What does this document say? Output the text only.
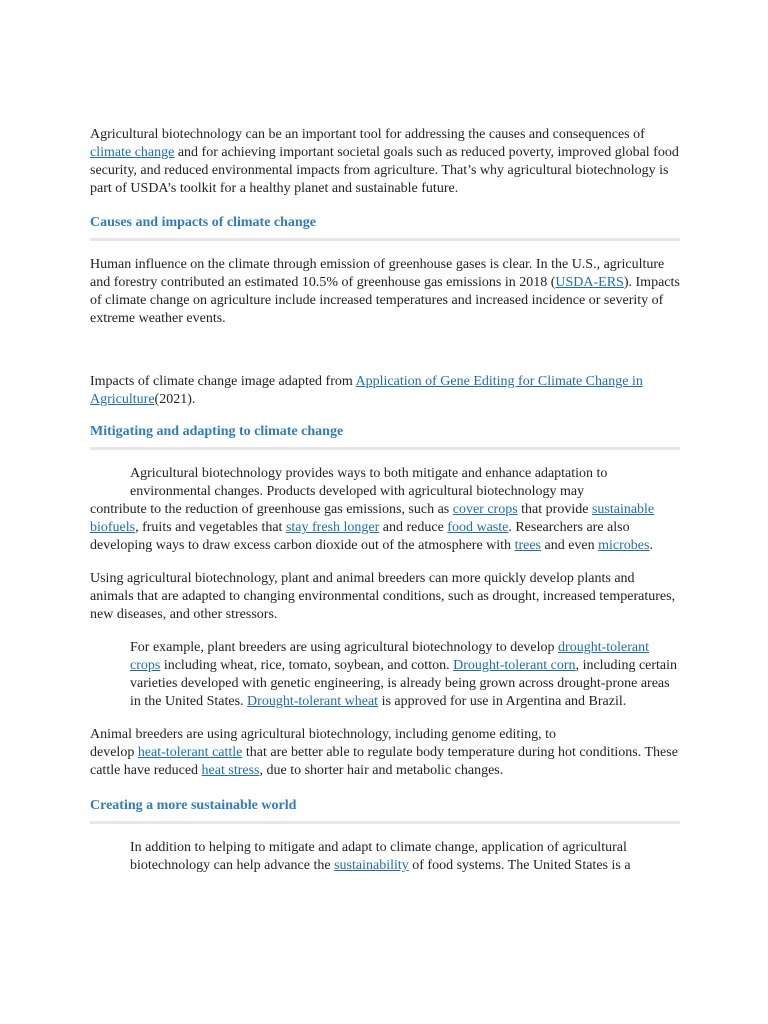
Agricultural biotechnology can be an important tool for addressing the causes and consequences of climate change and for achieving important societal goals such as reduced poverty, improved global food security, and reduced environmental impacts from agriculture. That’s why agricultural biotechnology is part of USDA’s toolkit for a healthy planet and sustainable future.

Causes and impacts of climate change

Human influence on the climate through emission of greenhouse gases is clear. In the U.S., agriculture and forestry contributed an estimated 10.5% of greenhouse gas emissions in 2018 (USDA-ERS). Impacts of climate change on agriculture include increased temperatures and increased incidence or severity of extreme weather events.

Impacts of climate change image adapted from Application of Gene Editing for Climate Change in Agriculture(2021).

Mitigating and adapting to climate change

Agricultural biotechnology provides ways to both mitigate and enhance adaptation to environmental changes. Products developed with agricultural biotechnology may
contribute to the reduction of greenhouse gas emissions, such as cover crops that provide sustainable biofuels, fruits and vegetables that stay fresh longer and reduce food waste. Researchers are also developing ways to draw excess carbon dioxide out of the atmosphere with trees and even microbes.

Using agricultural biotechnology, plant and animal breeders can more quickly develop plants and animals that are adapted to changing environmental conditions, such as drought, increased temperatures, new diseases, and other stressors.

For example, plant breeders are using agricultural biotechnology to develop drought-tolerant crops including wheat, rice, tomato, soybean, and cotton. Drought-tolerant corn, including certain varieties developed with genetic engineering, is already being grown across drought-prone areas in the United States. Drought-tolerant wheat is approved for use in Argentina and Brazil.

Animal breeders are using agricultural biotechnology, including genome editing, to
develop heat-tolerant cattle that are better able to regulate body temperature during hot conditions. These cattle have reduced heat stress, due to shorter hair and metabolic changes.

Creating a more sustainable world

In addition to helping to mitigate and adapt to climate change, application of agricultural biotechnology can help advance the sustainability of food systems. The United States is a
